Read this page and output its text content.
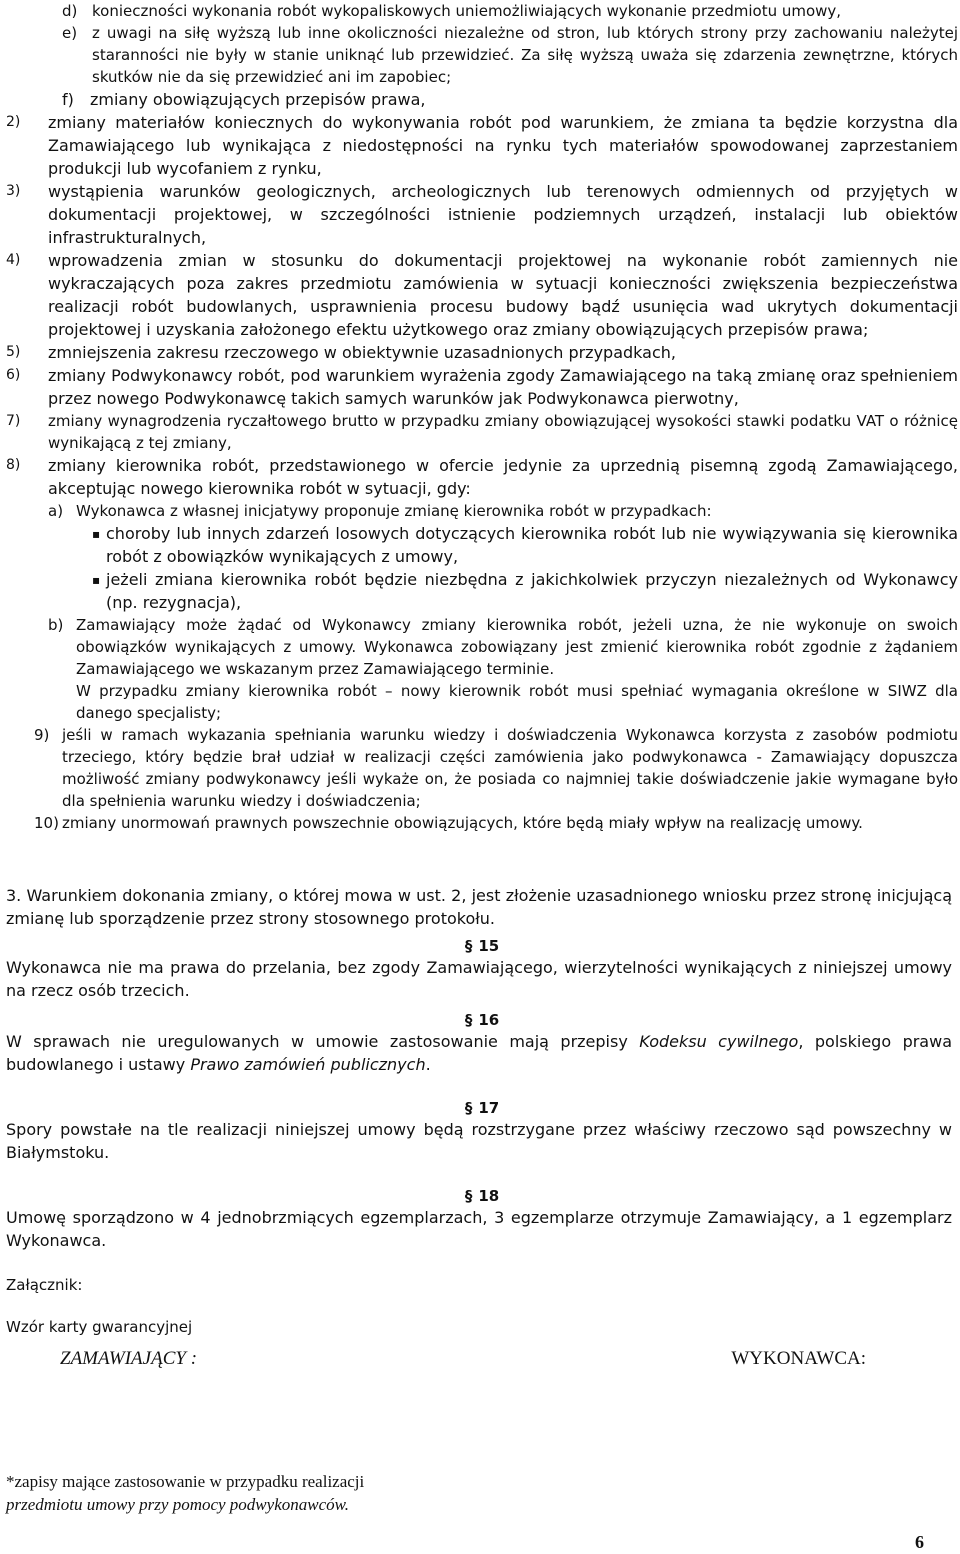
d) konieczności wykonania robót wykopaliskowych uniemożliwiających wykonanie przedmiotu umowy,
e) z uwagi na siłę wyższą lub inne okoliczności niezależne od stron, lub których strony przy zachowaniu należytej staranności nie były w stanie uniknąć lub przewidzieć. Za siłę wyższą uważa się zdarzenia zewnętrzne, których skutków nie da się przewidzieć ani im zapobiec;
f) zmiany obowiązujących przepisów prawa,
2) zmiany materiałów koniecznych do wykonywania robót pod warunkiem, że zmiana ta będzie korzystna dla Zamawiającego lub wynikająca z niedostępności na rynku tych materiałów spowodowanej zaprzestaniem produkcji lub wycofaniem z rynku,
3) wystąpienia warunków geologicznych, archeologicznych lub terenowych odmiennych od przyjętych w dokumentacji projektowej, w szczególności istnienie podziemnych urządzeń, instalacji lub obiektów infrastrukturalnych,
4) wprowadzenia zmian w stosunku do dokumentacji projektowej na wykonanie robót zamiennych nie wykraczających poza zakres przedmiotu zamówienia w sytuacji konieczności zwiększenia bezpieczeństwa realizacji robót budowlanych, usprawnienia procesu budowy bądź usunięcia wad ukrytych dokumentacji projektowej i uzyskania założonego efektu użytkowego oraz zmiany obowiązujących przepisów prawa;
5) zmniejszenia zakresu rzeczowego w obiektywnie uzasadnionych przypadkach,
6) zmiany Podwykonawcy robót, pod warunkiem wyrażenia zgody Zamawiającego na taką zmianę oraz spełnieniem przez nowego Podwykonawcę takich samych warunków jak Podwykonawca pierwotny,
7) zmiany wynagrodzenia ryczałtowego brutto w przypadku zmiany obowiązującej wysokości stawki podatku VAT o różnicę wynikającą z tej zmiany,
8) zmiany kierownika robót, przedstawionego w ofercie jedynie za uprzednią pisemną zgodą Zamawiającego, akceptując nowego kierownika robót w sytuacji, gdy:
a) Wykonawca z własnej inicjatywy proponuje zmianę kierownika robót w przypadkach:
▪ choroby lub innych zdarzeń losowych dotyczących kierownika robót lub nie wywiązywania się kierownika robót z obowiązków wynikających z umowy,
▪ jeżeli zmiana kierownika robót będzie niezbędna z jakichkolwiek przyczyn niezależnych od Wykonawcy (np. rezygnacja),
b) Zamawiający może żądać od Wykonawcy zmiany kierownika robót, jeżeli uzna, że nie wykonuje on swoich obowiązków wynikających z umowy. Wykonawca zobowiązany jest zmienić kierownika robót zgodnie z żądaniem Zamawiającego we wskazanym przez Zamawiającego terminie.
W przypadku zmiany kierownika robót – nowy kierownik robót musi spełniać wymagania określone w SIWZ dla danego specjalisty;
9) jeśli w ramach wykazania spełniania warunku wiedzy i doświadczenia Wykonawca korzysta z zasobów podmiotu trzeciego, który będzie brał udział w realizacji części zamówienia jako podwykonawca - Zamawiający dopuszcza możliwość zmiany podwykonawcy jeśli wykaże on, że posiada co najmniej takie doświadczenie jakie wymagane było dla spełnienia warunku wiedzy i doświadczenia;
10) zmiany unormowań prawnych powszechnie obowiązujących, które będą miały wpływ na realizację umowy.
3. Warunkiem dokonania zmiany, o której mowa w ust. 2, jest złożenie uzasadnionego wniosku przez stronę inicjującą zmianę lub sporządzenie przez strony stosownego protokołu.
§ 15
Wykonawca nie ma prawa do przelania, bez zgody Zamawiającego, wierzytelności wynikających z niniejszej umowy na rzecz osób trzecich.
§ 16
W sprawach nie uregulowanych w umowie zastosowanie mają przepisy Kodeksu cywilnego, polskiego prawa budowlanego i ustawy Prawo zamówień publicznych.
§ 17
Spory powstałe na tle realizacji niniejszej umowy będą rozstrzygane przez właściwy rzeczowo sąd powszechny w Białymstoku.
§ 18
Umowę sporządzono w 4 jednobrzmiących egzemplarzach, 3 egzemplarze otrzymuje Zamawiający, a 1 egzemplarz Wykonawca.
Załącznik:
Wzór karty gwarancyjnej
ZAMAWIAJĄCY :	WYKONAWCA:
*zapisy mające zastosowanie w przypadku realizacji
przedmiotu umowy przy pomocy podwykonawców.
6
